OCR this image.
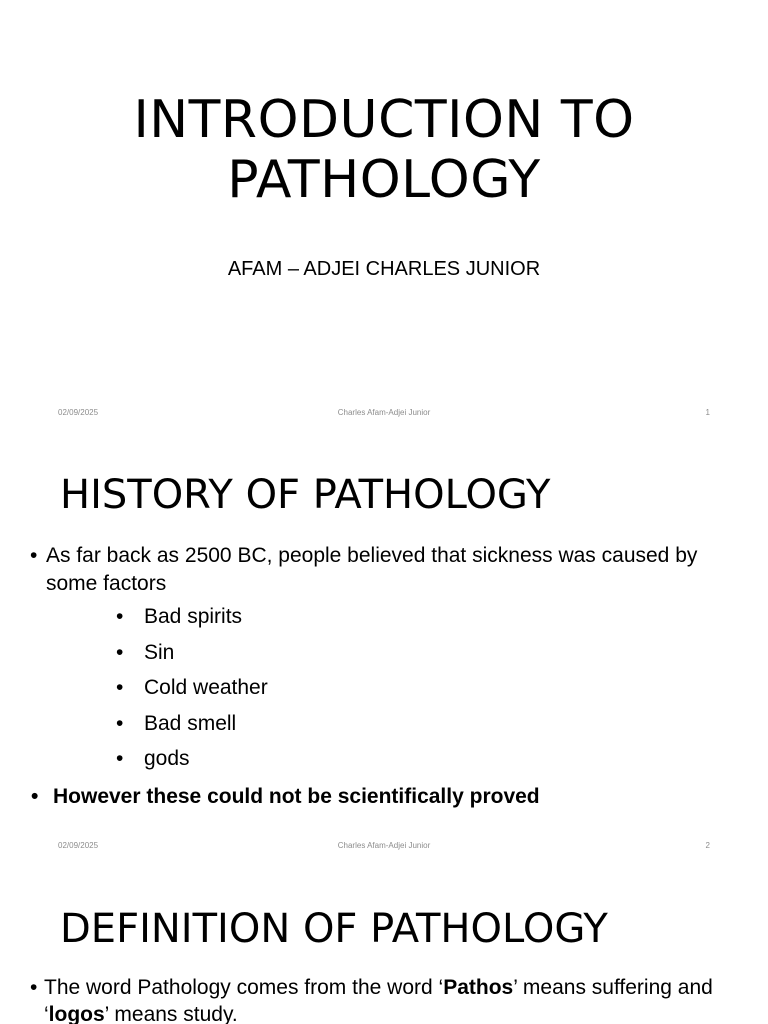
INTRODUCTION TO
PATHOLOGY
AFAM – ADJEI CHARLES JUNIOR
02/09/2025	Charles Afam-Adjei Junior	1
HISTORY OF PATHOLOGY
• As far back as 2500 BC, people believed that sickness was caused by some factors
• Bad spirits
• Sin
• Cold weather
• Bad smell
• gods
• However these could not be scientifically proved
02/09/2025	Charles Afam-Adjei Junior	2
DEFINITION OF PATHOLOGY
• The word Pathology comes from the word ‘Pathos’ means suffering and ‘logos’ means study.
